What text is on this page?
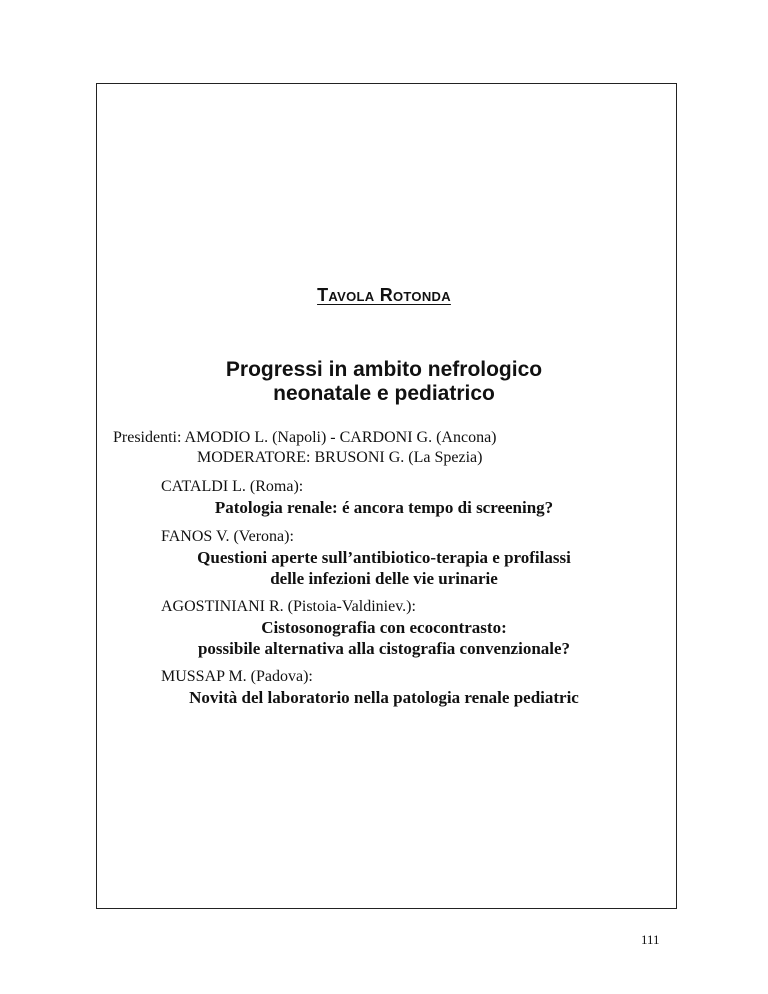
Tavola Rotonda
Progressi in ambito nefrologico
neonatale e pediatrico
Presidenti: AMODIO L. (Napoli) - CARDONI G. (Ancona)
MODERATORE: BRUSONI G. (La Spezia)
CATALDI L. (Roma):
Patologia renale: é ancora tempo di screening?
FANOS V. (Verona):
Questioni aperte sull’antibiotico-terapia e profilassi
delle infezioni delle vie urinarie
AGOSTINIANI R. (Pistoia-Valdiniev.):
Cistosonografia con ecocontrasto:
possibile alternativa alla cistografia convenzionale?
MUSSAP M. (Padova):
Novità del laboratorio nella patologia renale pediatric
111
